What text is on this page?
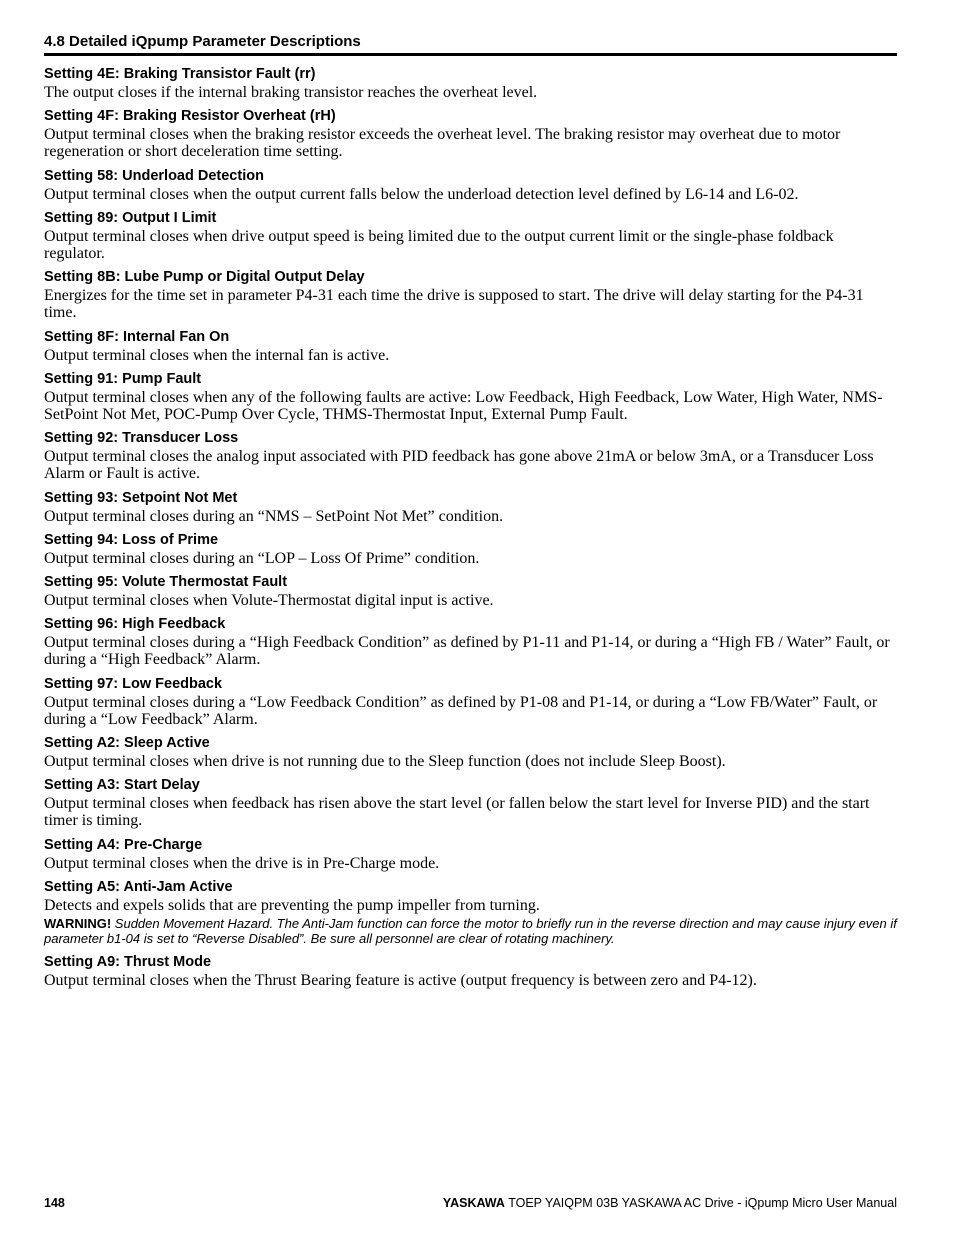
4.8 Detailed iQpump Parameter Descriptions
Setting 4E: Braking Transistor Fault (rr)

The output closes if the internal braking transistor reaches the overheat level.

Setting 4F: Braking Resistor Overheat (rH)

Output terminal closes when the braking resistor exceeds the overheat level. The braking resistor may overheat due to motor regeneration or short deceleration time setting.

Setting 58: Underload Detection

Output terminal closes when the output current falls below the underload detection level defined by L6-14 and L6-02.

Setting 89: Output I Limit

Output terminal closes when drive output speed is being limited due to the output current limit or the single-phase foldback regulator.

Setting 8B: Lube Pump or Digital Output Delay

Energizes for the time set in parameter P4-31 each time the drive is supposed to start. The drive will delay starting for the P4-31 time.

Setting 8F: Internal Fan On

Output terminal closes when the internal fan is active.

Setting 91: Pump Fault

Output terminal closes when any of the following faults are active: Low Feedback, High Feedback, Low Water, High Water, NMS-SetPoint Not Met, POC-Pump Over Cycle, THMS-Thermostat Input, External Pump Fault.

Setting 92: Transducer Loss

Output terminal closes the analog input associated with PID feedback has gone above 21mA or below 3mA, or a Transducer Loss Alarm or Fault is active.

Setting 93: Setpoint Not Met

Output terminal closes during an “NMS – SetPoint Not Met” condition.

Setting 94: Loss of Prime

Output terminal closes during an “LOP – Loss Of Prime” condition.

Setting 95: Volute Thermostat Fault

Output terminal closes when Volute-Thermostat digital input is active.

Setting 96: High Feedback

Output terminal closes during a “High Feedback Condition” as defined by P1-11 and P1-14, or during a “High FB / Water” Fault, or during a “High Feedback” Alarm.

Setting 97: Low Feedback

Output terminal closes during a “Low Feedback Condition” as defined by P1-08 and P1-14, or during a “Low FB/Water” Fault, or during a “Low Feedback” Alarm.

Setting A2: Sleep Active

Output terminal closes when drive is not running due to the Sleep function (does not include Sleep Boost).

Setting A3: Start Delay

Output terminal closes when feedback has risen above the start level (or fallen below the start level for Inverse PID) and the start timer is timing.

Setting A4: Pre-Charge

Output terminal closes when the drive is in Pre-Charge mode.

Setting A5: Anti-Jam Active

Detects and expels solids that are preventing the pump impeller from turning.

WARNING! Sudden Movement Hazard. The Anti-Jam function can force the motor to briefly run in the reverse direction and may cause injury even if parameter b1-04 is set to “Reverse Disabled”. Be sure all personnel are clear of rotating machinery.
Setting A9: Thrust Mode

Output terminal closes when the Thrust Bearing feature is active (output frequency is between zero and P4-12).

148	YASKAWA TOEP YAIQPM 03B YASKAWA AC Drive - iQpump Micro User Manual
